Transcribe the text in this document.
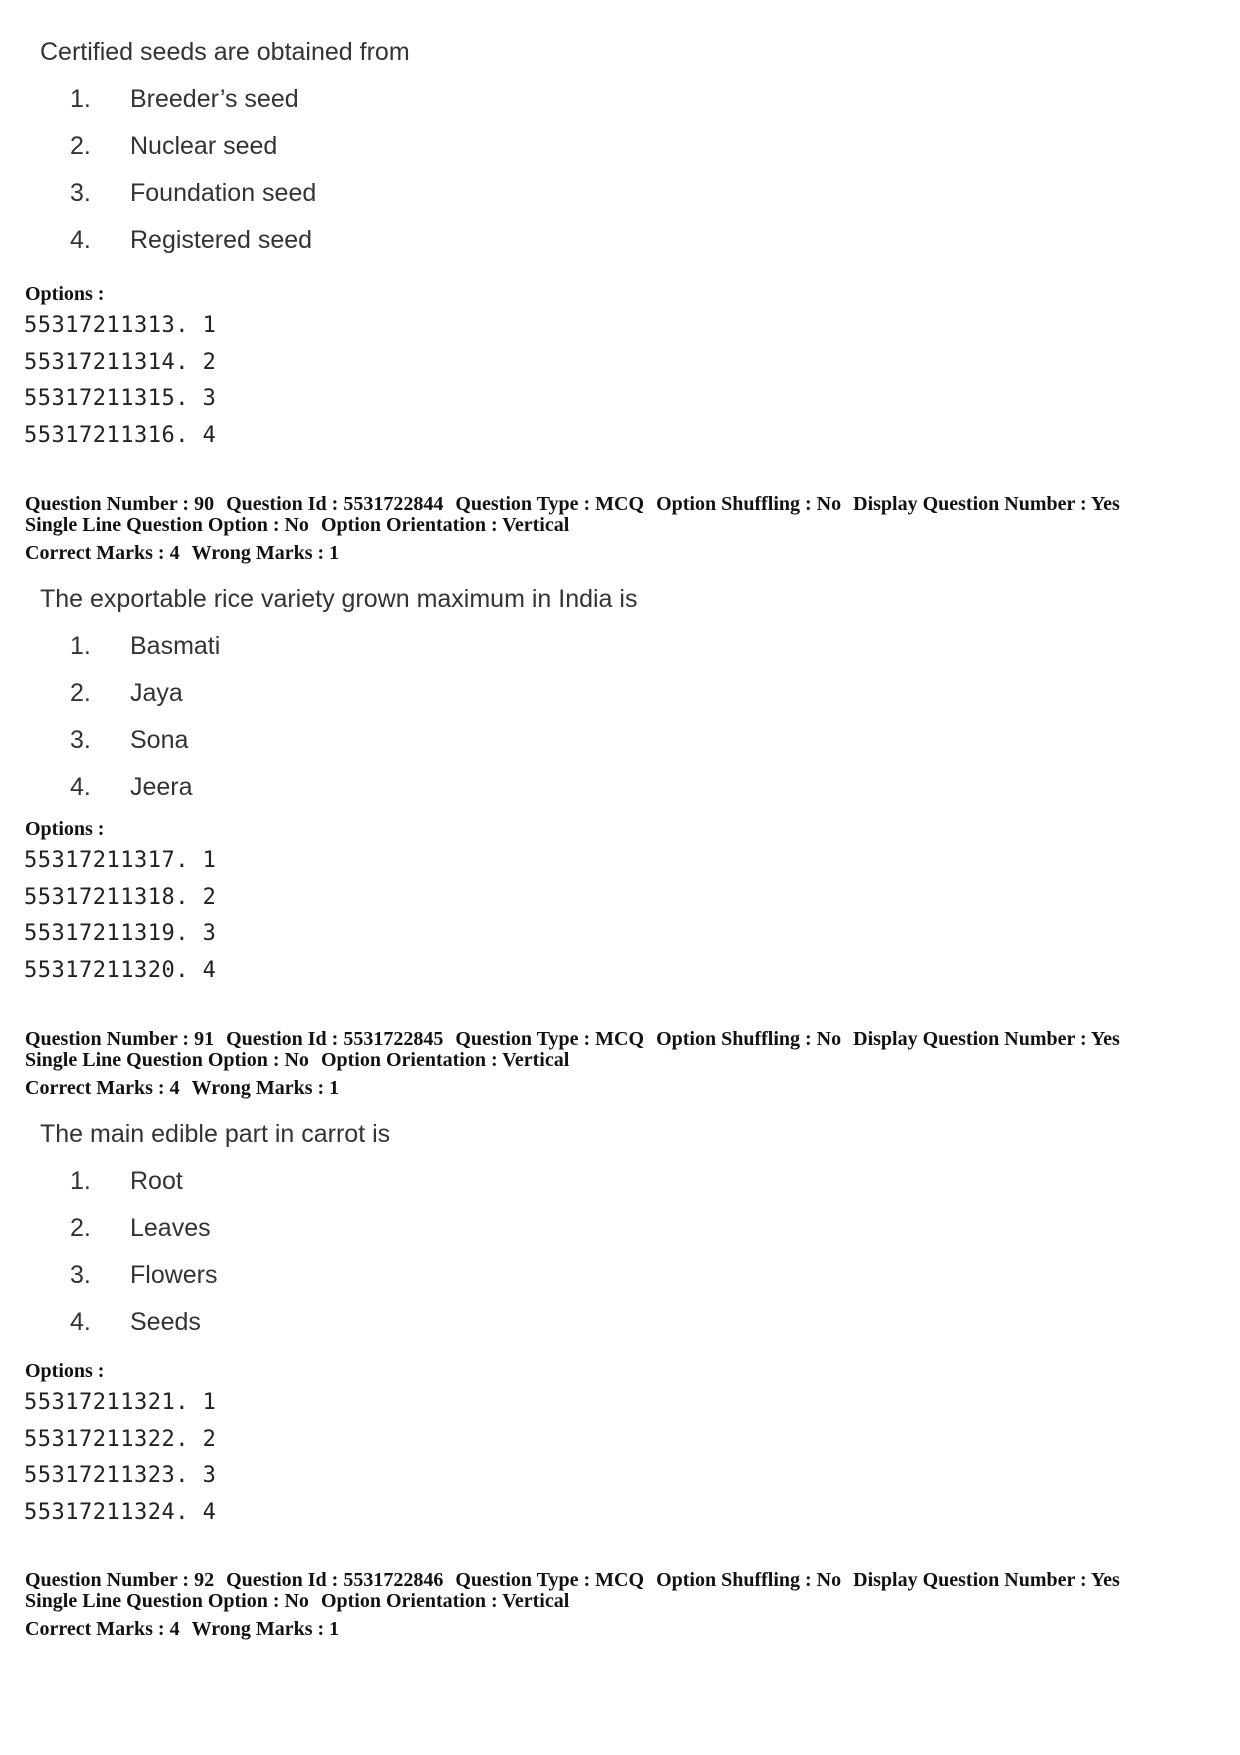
Certified seeds are obtained from
1. Breeder’s seed
2. Nuclear seed
3. Foundation seed
4. Registered seed
Options :
55317211313. 1
55317211314. 2
55317211315. 3
55317211316. 4
Question Number : 90 Question Id : 5531722844 Question Type : MCQ Option Shuffling : No Display Question Number : Yes
Single Line Question Option : No Option Orientation : Vertical
Correct Marks : 4 Wrong Marks : 1
The exportable rice variety grown maximum in India is
1. Basmati
2. Jaya
3. Sona
4. Jeera
Options :
55317211317. 1
55317211318. 2
55317211319. 3
55317211320. 4
Question Number : 91 Question Id : 5531722845 Question Type : MCQ Option Shuffling : No Display Question Number : Yes
Single Line Question Option : No Option Orientation : Vertical
Correct Marks : 4 Wrong Marks : 1
The main edible part in carrot is
1. Root
2. Leaves
3. Flowers
4. Seeds
Options :
55317211321. 1
55317211322. 2
55317211323. 3
55317211324. 4
Question Number : 92 Question Id : 5531722846 Question Type : MCQ Option Shuffling : No Display Question Number : Yes
Single Line Question Option : No Option Orientation : Vertical
Correct Marks : 4 Wrong Marks : 1
